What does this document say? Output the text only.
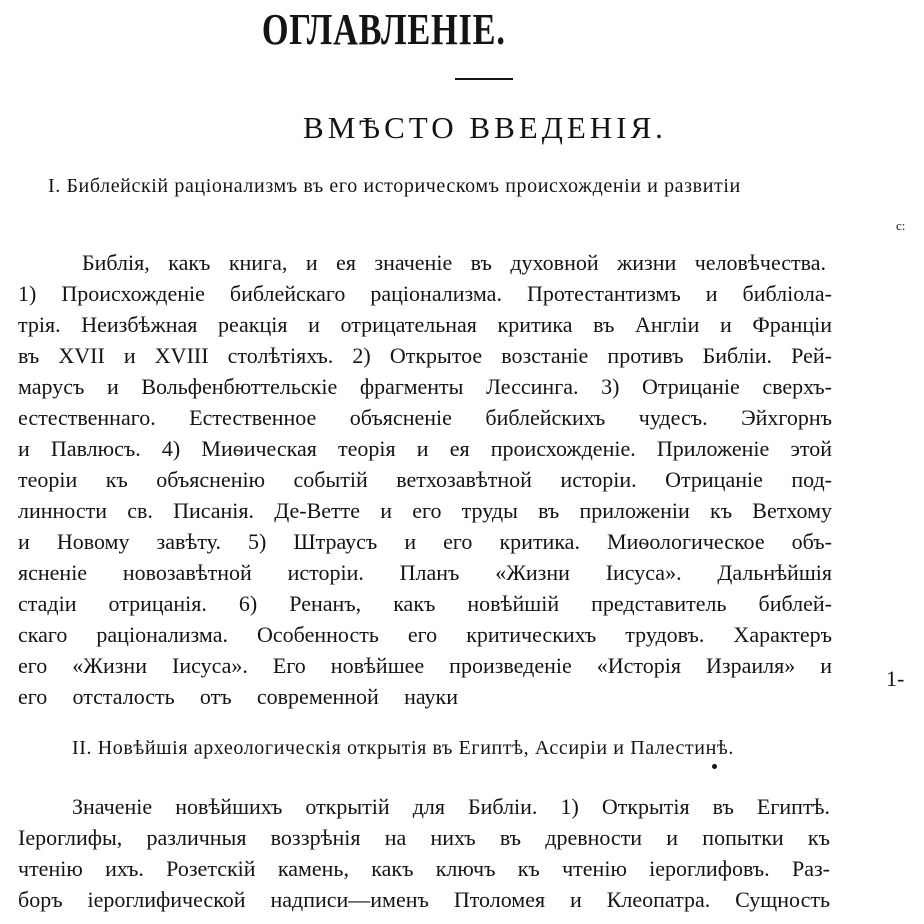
ОГЛАВЛЕНІЕ.
ВМѢСТО ВВЕДЕНІЯ.
I. Библейскій раціонализмъ въ его историческомъ происхожденіи и развитіи
с:
Библія, какъ книга, и ея значеніе въ духовной жизни человѣчества.
1) Происхожденіе библейскаго раціонализма. Протестантизмъ и библіола-
трія. Неизбѣжная реакція и отрицательная критика въ Англіи и Франціи
въ XVII и XVIII столѣтіяхъ. 2) Открытое возстаніе противъ Библіи. Рей-
марусъ и Вольфенбюттельскіе фрагменты Лессинга. 3) Отрицаніе сверхъ-
естественнаго. Естественное объясненіе библейскихъ чудесъ. Эйхгорнъ
и Павлюсъ. 4) Миѳическая теорія и ея происхожденіе. Приложеніе этой
теоріи къ объясненію событій ветхозавѣтной исторіи. Отрицаніе под-
линности св. Писанія. Де-Ветте и его труды въ приложеніи къ Ветхому
и Новому завѣту. 5) Штраусъ и его критика. Миѳологическое объ-
ясненіе новозавѣтной исторіи. Планъ «Жизни Іисуса». Дальнѣйшія
стадіи отрицанія. 6) Ренанъ, какъ новѣйшій представитель библей-
скаго раціонализма. Особенность его критическихъ трудовъ. Характеръ
его «Жизни Іисуса». Его новѣйшее произведеніе «Исторія Израиля» и
его отсталость отъ современной науки
1-
II. Новѣйшія археологическія открытія въ Египтѣ, Ассиріи и Палестинѣ.
Значеніе новѣйшихъ открытій для Библіи. 1) Открытія въ Египтѣ.
Іероглифы, различныя воззрѣнія на нихъ въ древности и попытки къ
чтенію ихъ. Розетскій камень, какъ ключъ къ чтенію іероглифовъ. Раз-
боръ іероглифической надписи—именъ Птоломея и Клеопатра. Сущность
